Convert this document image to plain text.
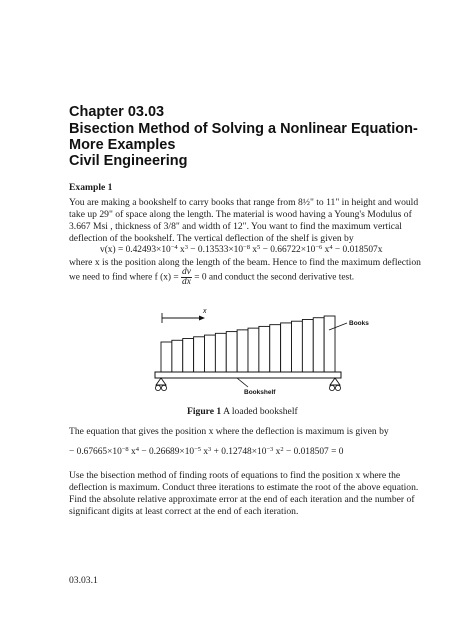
Chapter 03.03
Bisection Method of Solving a Nonlinear Equation-
More Examples
Civil Engineering
Example 1
You are making a bookshelf to carry books that range from 8½" to 11" in height and would
take up 29" of space along the length. The material is wood having a Young's Modulus of
3.667 Msi , thickness of 3/8" and width of 12". You want to find the maximum vertical
deflection of the bookshelf. The vertical deflection of the shelf is given by
$v(x) = 0.42493\times 10^{-4}$ $x^3 - 0.13533\times 10^{-8}$ $x^5 - 0.66722\times 10^{-6}$ $x^4 - 0.018507x$
where x is the position along the length of the beam. Hence to find the maximum deflection
we need to find where f $(x) = \frac{dv}{dx} = 0$ and conduct the second derivative test.
x
Books
Bookshelf
Figure 1 A loaded bookshelf
The equation that gives the position x where the deflection is maximum is given by
− $0.67665\times 10^{-8}$ $x^4 - 0.26689\times 10^{-5}$ $x^3 + 0.12748\times 10^{-3}$ $x^2 - 0.018507 = 0$
Use the bisection method of finding roots of equations to find the position x where the
deflection is maximum. Conduct three iterations to estimate the root of the above equation.
Find the absolute relative approximate error at the end of each iteration and the number of
significant digits at least correct at the end of each iteration.
03.03.1
